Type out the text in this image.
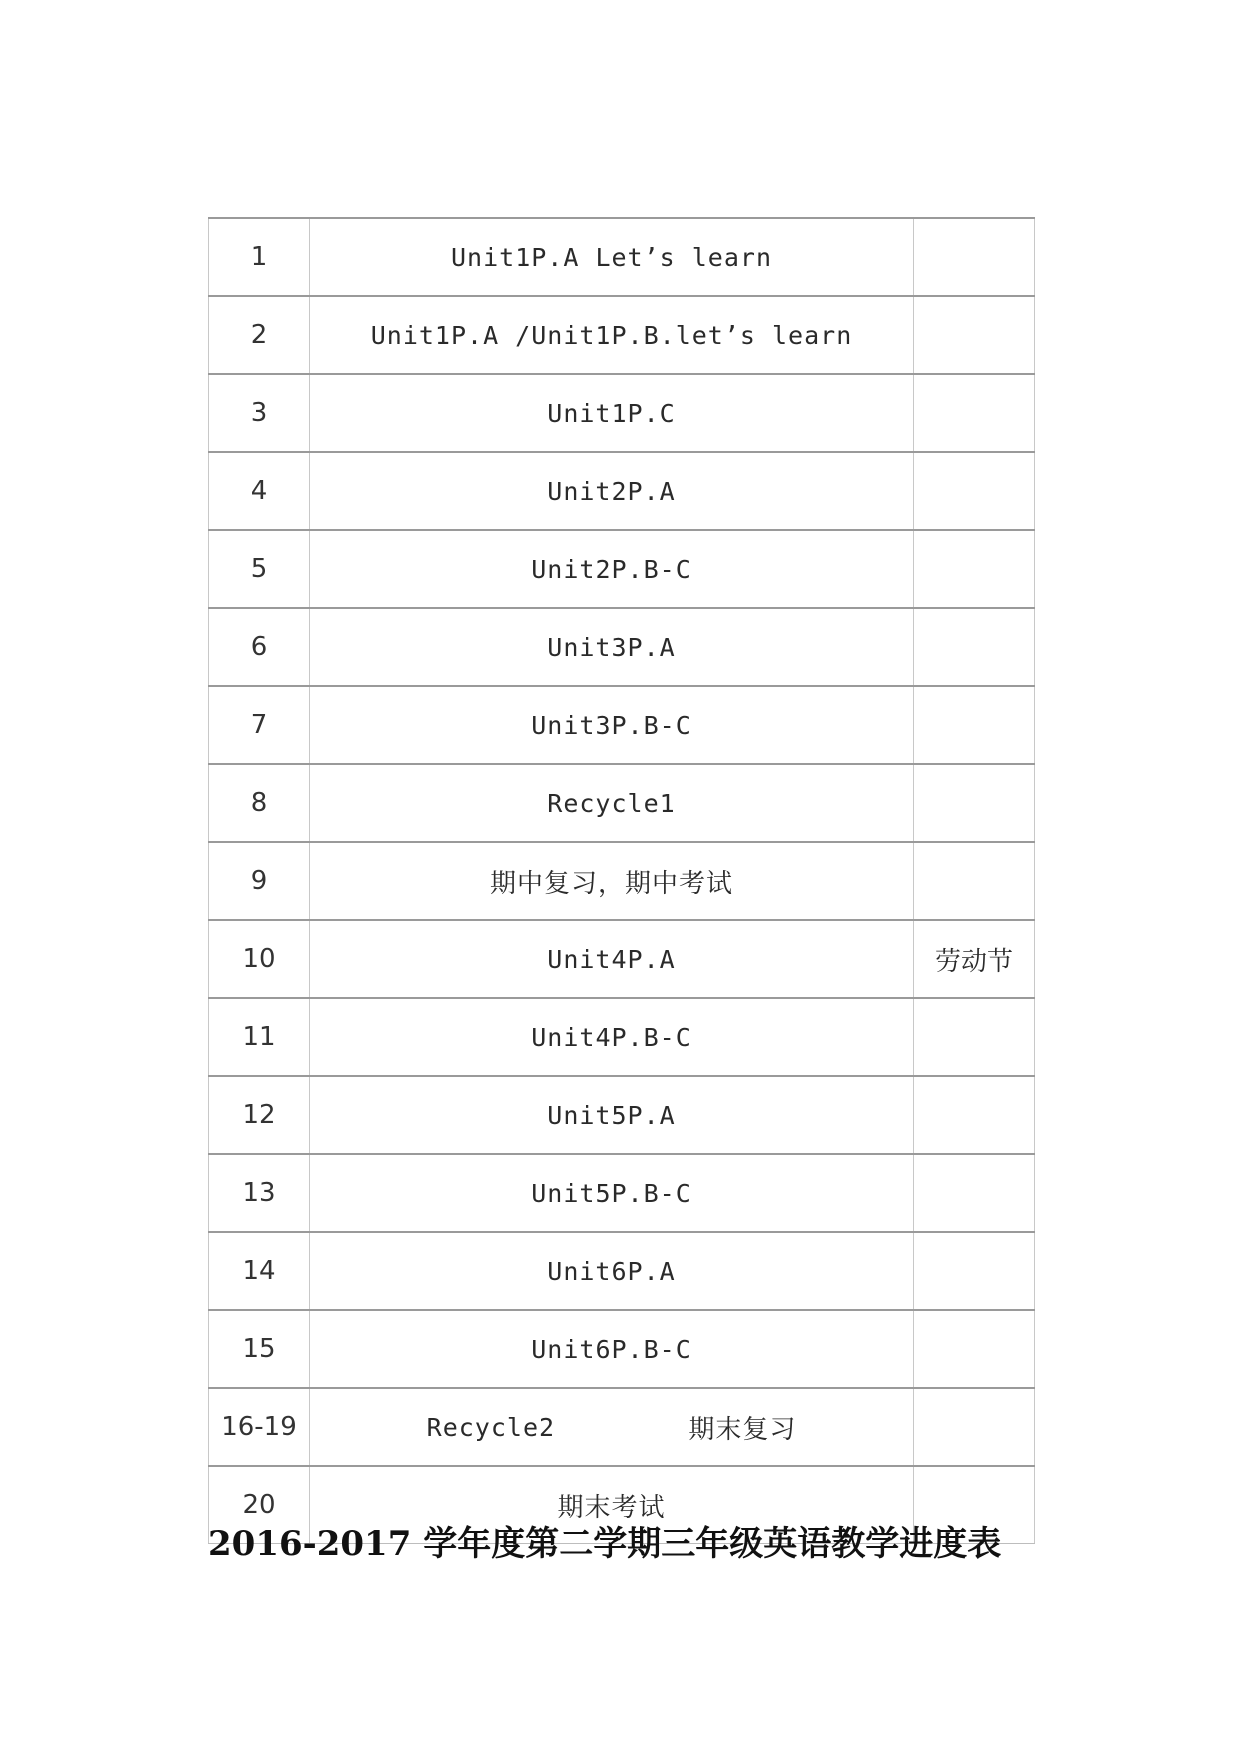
1	Unit1P.A Let’s learn	
2	Unit1P.A /Unit1P.B.let’s learn	
3	Unit1P.C	
4	Unit2P.A	
5	Unit2P.B-C	
6	Unit3P.A	
7	Unit3P.B-C	
8	Recycle1	
9	期中复习，期中考试	
10	Unit4P.A	劳动节
11	Unit4P.B-C	
12	Unit5P.A	
13	Unit5P.B-C	
14	Unit6P.A	
15	Unit6P.B-C	
16-19	Recycle2 期末复习	

20	期末考试	
2016-2017 学年度第二学期三年级英语教学进度表
